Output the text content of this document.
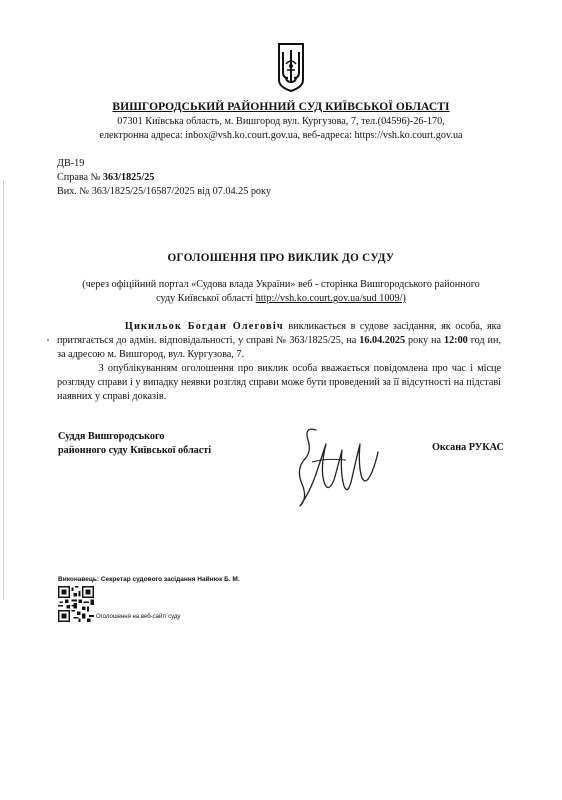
ВИШГОРОДСЬКИЙ РАЙОННИЙ СУД КИЇВСЬКОЇ ОБЛАСТІ
07301 Київська область, м. Вишгород вул. Кургузова, 7, тел.(04596)-26-170,
електронна адреса: inbox@vsh.ko.court.gov.ua, веб-адреса: https://vsh.ko.court.gov.ua
ДВ-19
Справа № 363/1825/25
Вих. № 363/1825/25/16587/2025 від 07.04.25 року
ОГОЛОШЕННЯ ПРО ВИКЛИК ДО СУДУ
(через офіційний портал «Судова влада України» веб - сторінка Вишгородського районного
суду Київської області http://vsh.ko.court.gov.ua/sud 1009/)
Цикильок Богдан Олеговіч викликається в судове засідання, як особа, яка притягається до адмін. відповідальності, у справі № 363/1825/25, на 16.04.2025 року на 12:00 год ин, за адресою м. Вишгород, вул. Кургузова, 7.
З опублікуванням оголошення про виклик особа вважається повідомлена про час і місце розгляду справи і у випадку неявки розгляд справи може бути проведений за її відсутності на підставі наявних у справі доказів.
Суддя Вишгородського
районного суду Київської області	Оксана РУКАС
Виконавець: Секретар судового засідання Найнюк Б. М.
Оголошення на веб-сайті суду
